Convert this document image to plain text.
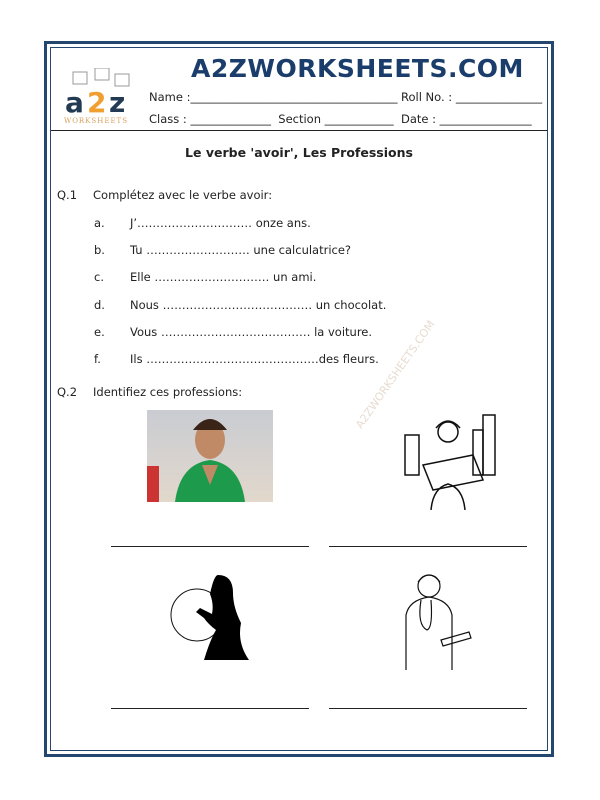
a 2 z
WORKSHEETS
A2ZWORKSHEETS.COM
Name :____________________________________ Roll No. : _______________
Class : ______________ Section ____________ Date : ________________
Le verbe 'avoir', Les Professions
Q.1 Complétez avec le verbe avoir:
a. J’………………………… onze ans.
b. Tu ……………………… une calculatrice?
c. Elle ………………………… un ami.
d. Nous ………………………………… un chocolat.
e. Vous ………………………………… la voiture.
f.	Ils ………………………………………des fleurs.
Q.2 Identifiez ces professions:	A2ZWORKSHEETS.COM
